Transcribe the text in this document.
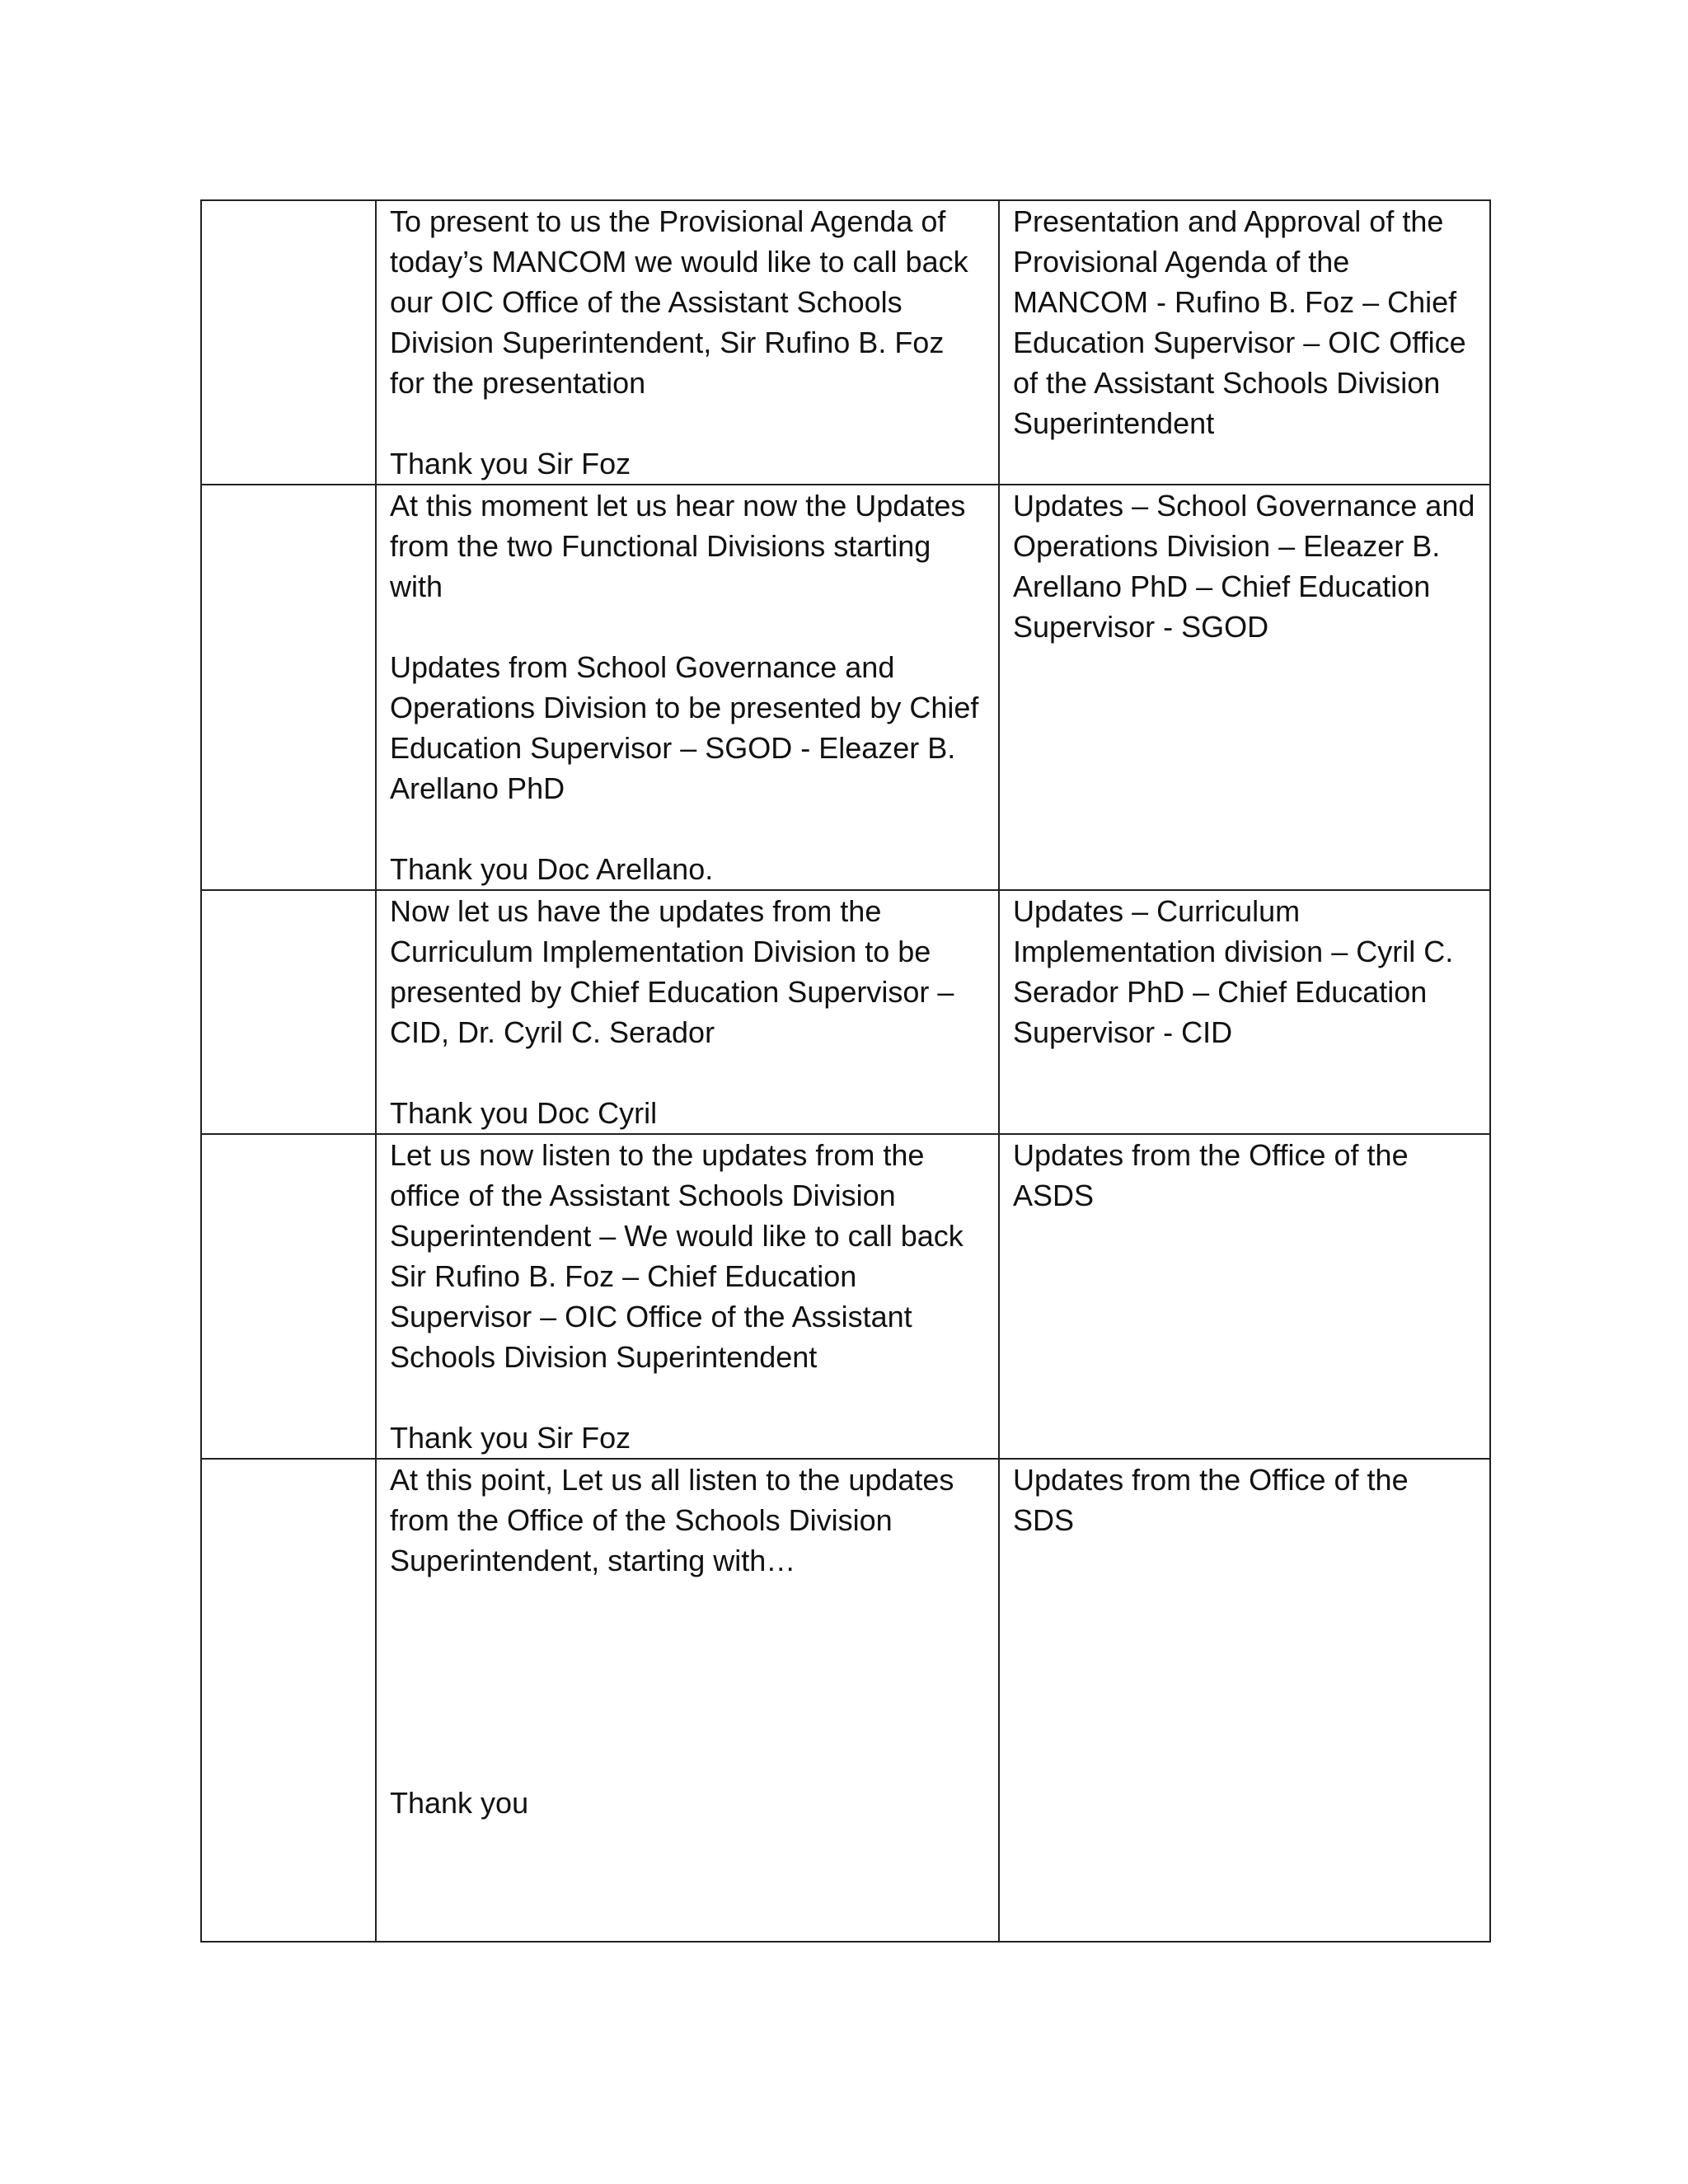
	To present to us the Provisional Agenda of today’s MANCOM we would like to call back our OIC Office of the Assistant Schools Division Superintendent, Sir Rufino B. Foz for the presentation
Thank you Sir Foz	Presentation and Approval of the Provisional Agenda of the MANCOM - Rufino B. Foz – Chief Education Supervisor – OIC Office of the Assistant Schools Division Superintendent

	At this moment let us hear now the Updates from the two Functional Divisions starting with
Updates from School Governance and Operations Division to be presented by Chief Education Supervisor – SGOD - Eleazer B. Arellano PhD
Thank you Doc Arellano.	Updates – School Governance and Operations Division – Eleazer B. Arellano PhD – Chief Education Supervisor - SGOD

	Now let us have the updates from the Curriculum Implementation Division to be presented by Chief Education Supervisor – CID, Dr. Cyril C. Serador
Thank you Doc Cyril	Updates – Curriculum Implementation division – Cyril C. Serador PhD – Chief Education Supervisor - CID

	Let us now listen to the updates from the office of the Assistant Schools Division Superintendent – We would like to call back Sir Rufino B. Foz – Chief Education Supervisor – OIC Office of the Assistant Schools Division Superintendent
Thank you Sir Foz	Updates from the Office of the ASDS

	At this point, Let us all listen to the updates from the Office of the Schools Division Superintendent, starting with…
Thank you	Updates from the Office of the SDS
